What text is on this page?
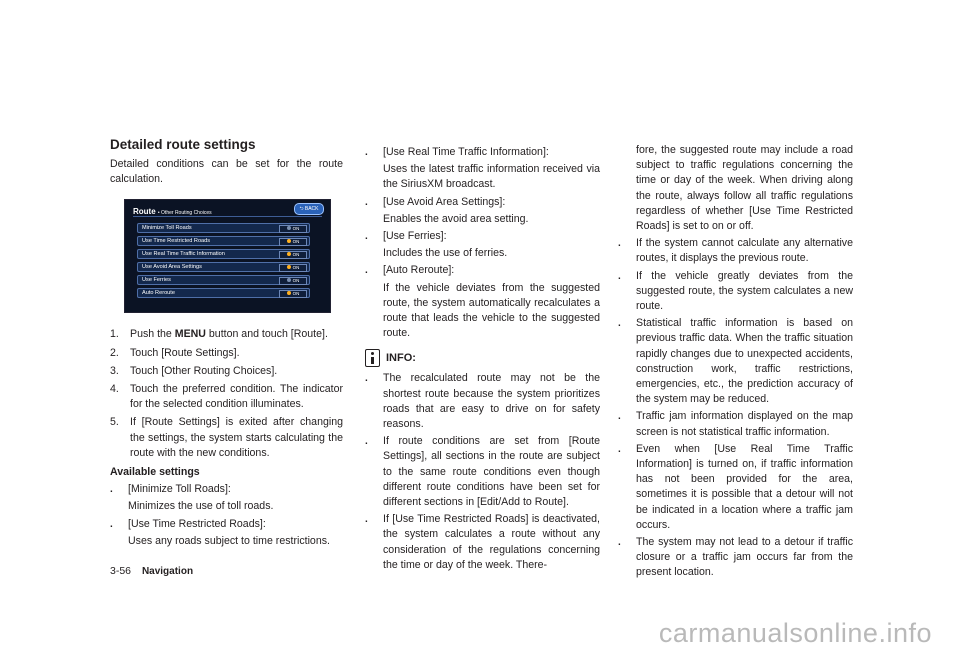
Detailed route settings

Detailed conditions can be set for the route calculation.

Route • Other Routing Choices
⮌ BACK
Minimize Toll Roads	ON
Use Time Restricted Roads	ON
Use Real Time Traffic Information	ON
Use Avoid Area Settings	ON
Use Ferries	ON
Auto Reroute	ON
1.	Push the MENU button and touch [Route].
2.	Touch [Route Settings].
3.	Touch [Other Routing Choices].
4.	Touch the preferred condition. The indicator for the selected condition illuminates.
5.	If [Route Settings] is exited after changing the settings, the system starts calculating the route with the new conditions.
Available settings
.	[Minimize Toll Roads]:

Minimizes the use of toll roads.

.	[Use Time Restricted Roads]:

Uses any roads subject to time restrictions.

.	[Use Real Time Traffic Information]:

Uses the latest traffic information received via the SiriusXM broadcast.

.	[Use Avoid Area Settings]:

Enables the avoid area setting.

.	[Use Ferries]:

Includes the use of ferries.

.	[Auto Reroute]:

If the vehicle deviates from the suggested route, the system automatically recalculates a route that leads the vehicle to the suggested route.

INFO:
.	The recalculated route may not be the shortest route because the system prioritizes roads that are easy to drive on for safety reasons.
.	If route conditions are set from [Route Settings], all sections in the route are subject to the same route conditions even though different route conditions have been set for different sections in [Edit/Add to Route].
.	If [Use Time Restricted Roads] is deactivated, the system calculates a route without any consideration of the regulations concerning the time or day of the week. There-

fore, the suggested route may include a road subject to traffic regulations concerning the time or day of the week. When driving along the route, always follow all traffic regulations regardless of whether [Use Time Restricted Roads] is set to on or off.

.	If the system cannot calculate any alternative routes, it displays the previous route.
.	If the vehicle greatly deviates from the suggested route, the system calculates a new route.
.	Statistical traffic information is based on previous traffic data. When the traffic situation rapidly changes due to unexpected accidents, construction work, traffic restrictions, emergencies, etc., the prediction accuracy of the system may be reduced.
.	Traffic jam information displayed on the map screen is not statistical traffic information.
.	Even when [Use Real Time Traffic Information] is turned on, if traffic information has not been provided for the area, sometimes it is possible that a detour will not be indicated in a location where a traffic jam occurs.
.	The system may not lead to a detour if traffic closure or a traffic jam occurs far from the present location.
3-56 Navigation
carmanualsonline.info
